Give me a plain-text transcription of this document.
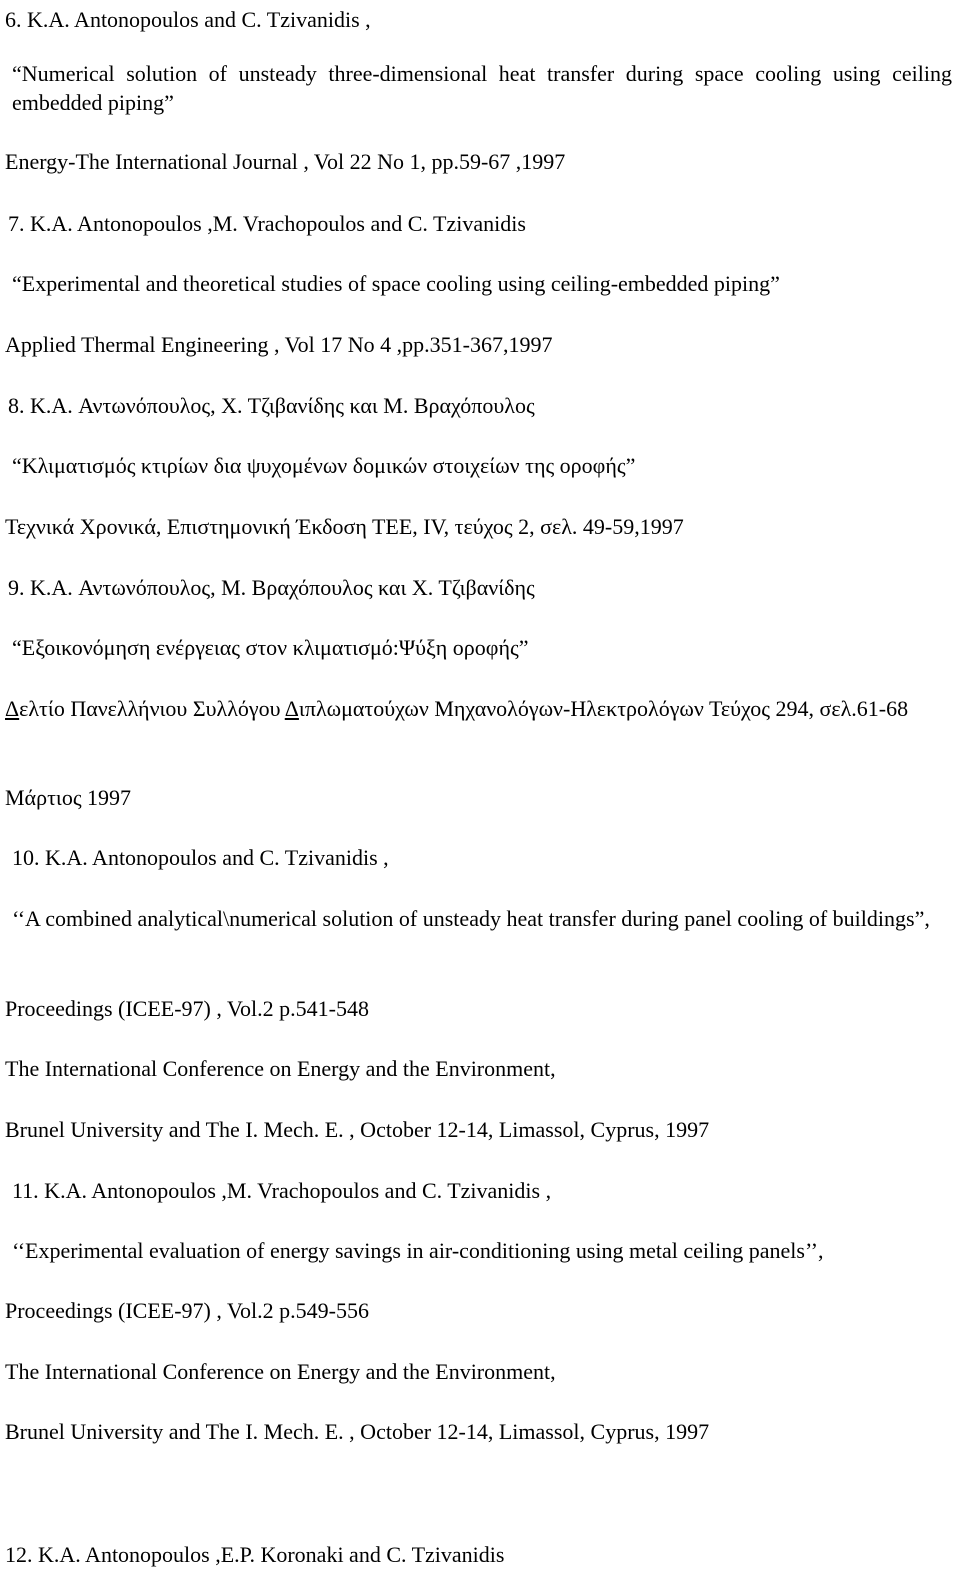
6. K.A. Antonopoulos and C. Tzivanidis ,

“Numerical solution of unsteady three-dimensional heat transfer during space cooling using ceiling embedded piping”

Energy-The International Journal , Vol 22 No 1, pp.59-67 ,1997

7. K.A. Antonopoulos ,M. Vrachopoulos and C. Tzivanidis

“Experimental and theoretical studies of space cooling using ceiling-embedded piping”

Applied Thermal Engineering , Vol 17 No 4 ,pp.351-367,1997

8. K.A. Αντωνόπουλος, Χ. Τζιβανίδης και Μ. Βραχόπουλος

“Κλιματισμός κτιρίων δια ψυχομένων δομικών στοιχείων της οροφής”

Τεχνικά Χρονικά, Επιστημονική Έκδοση ΤΕΕ, IV, τεύχος 2, σελ. 49-59,1997

9. K.A. Αντωνόπουλος, Μ. Βραχόπουλος και Χ. Τζιβανίδης

“Εξοικονόμηση ενέργειας στον κλιματισμό:Ψύξη οροφής”

Δελτίο Πανελλήνιου Συλλόγου Διπλωματούχων Μηχανολόγων-Ηλεκτρολόγων Τεύχος 294, σελ.61-68

Μάρτιος 1997

10. K.A. Antonopoulos and C. Tzivanidis ,

‘‘A combined analytical\numerical solution of unsteady heat transfer during panel cooling of buildings”,

Proceedings (ICEE-97) , Vol.2 p.541-548

The International Conference on Energy and the Environment,

Brunel University and The I. Mech. E. , October 12-14, Limassol, Cyprus, 1997

11. K.A. Antonopoulos ,M. Vrachopoulos and C. Tzivanidis ,

‘‘Experimental evaluation of energy savings in air-conditioning using metal ceiling panels’’,

Proceedings (ICEE-97) , Vol.2 p.549-556

The International Conference on Energy and the Environment,

Brunel University and The I. Mech. E. , October 12-14, Limassol, Cyprus, 1997

12. K.A. Antonopoulos ,E.P. Koronaki and C. Tzivanidis
